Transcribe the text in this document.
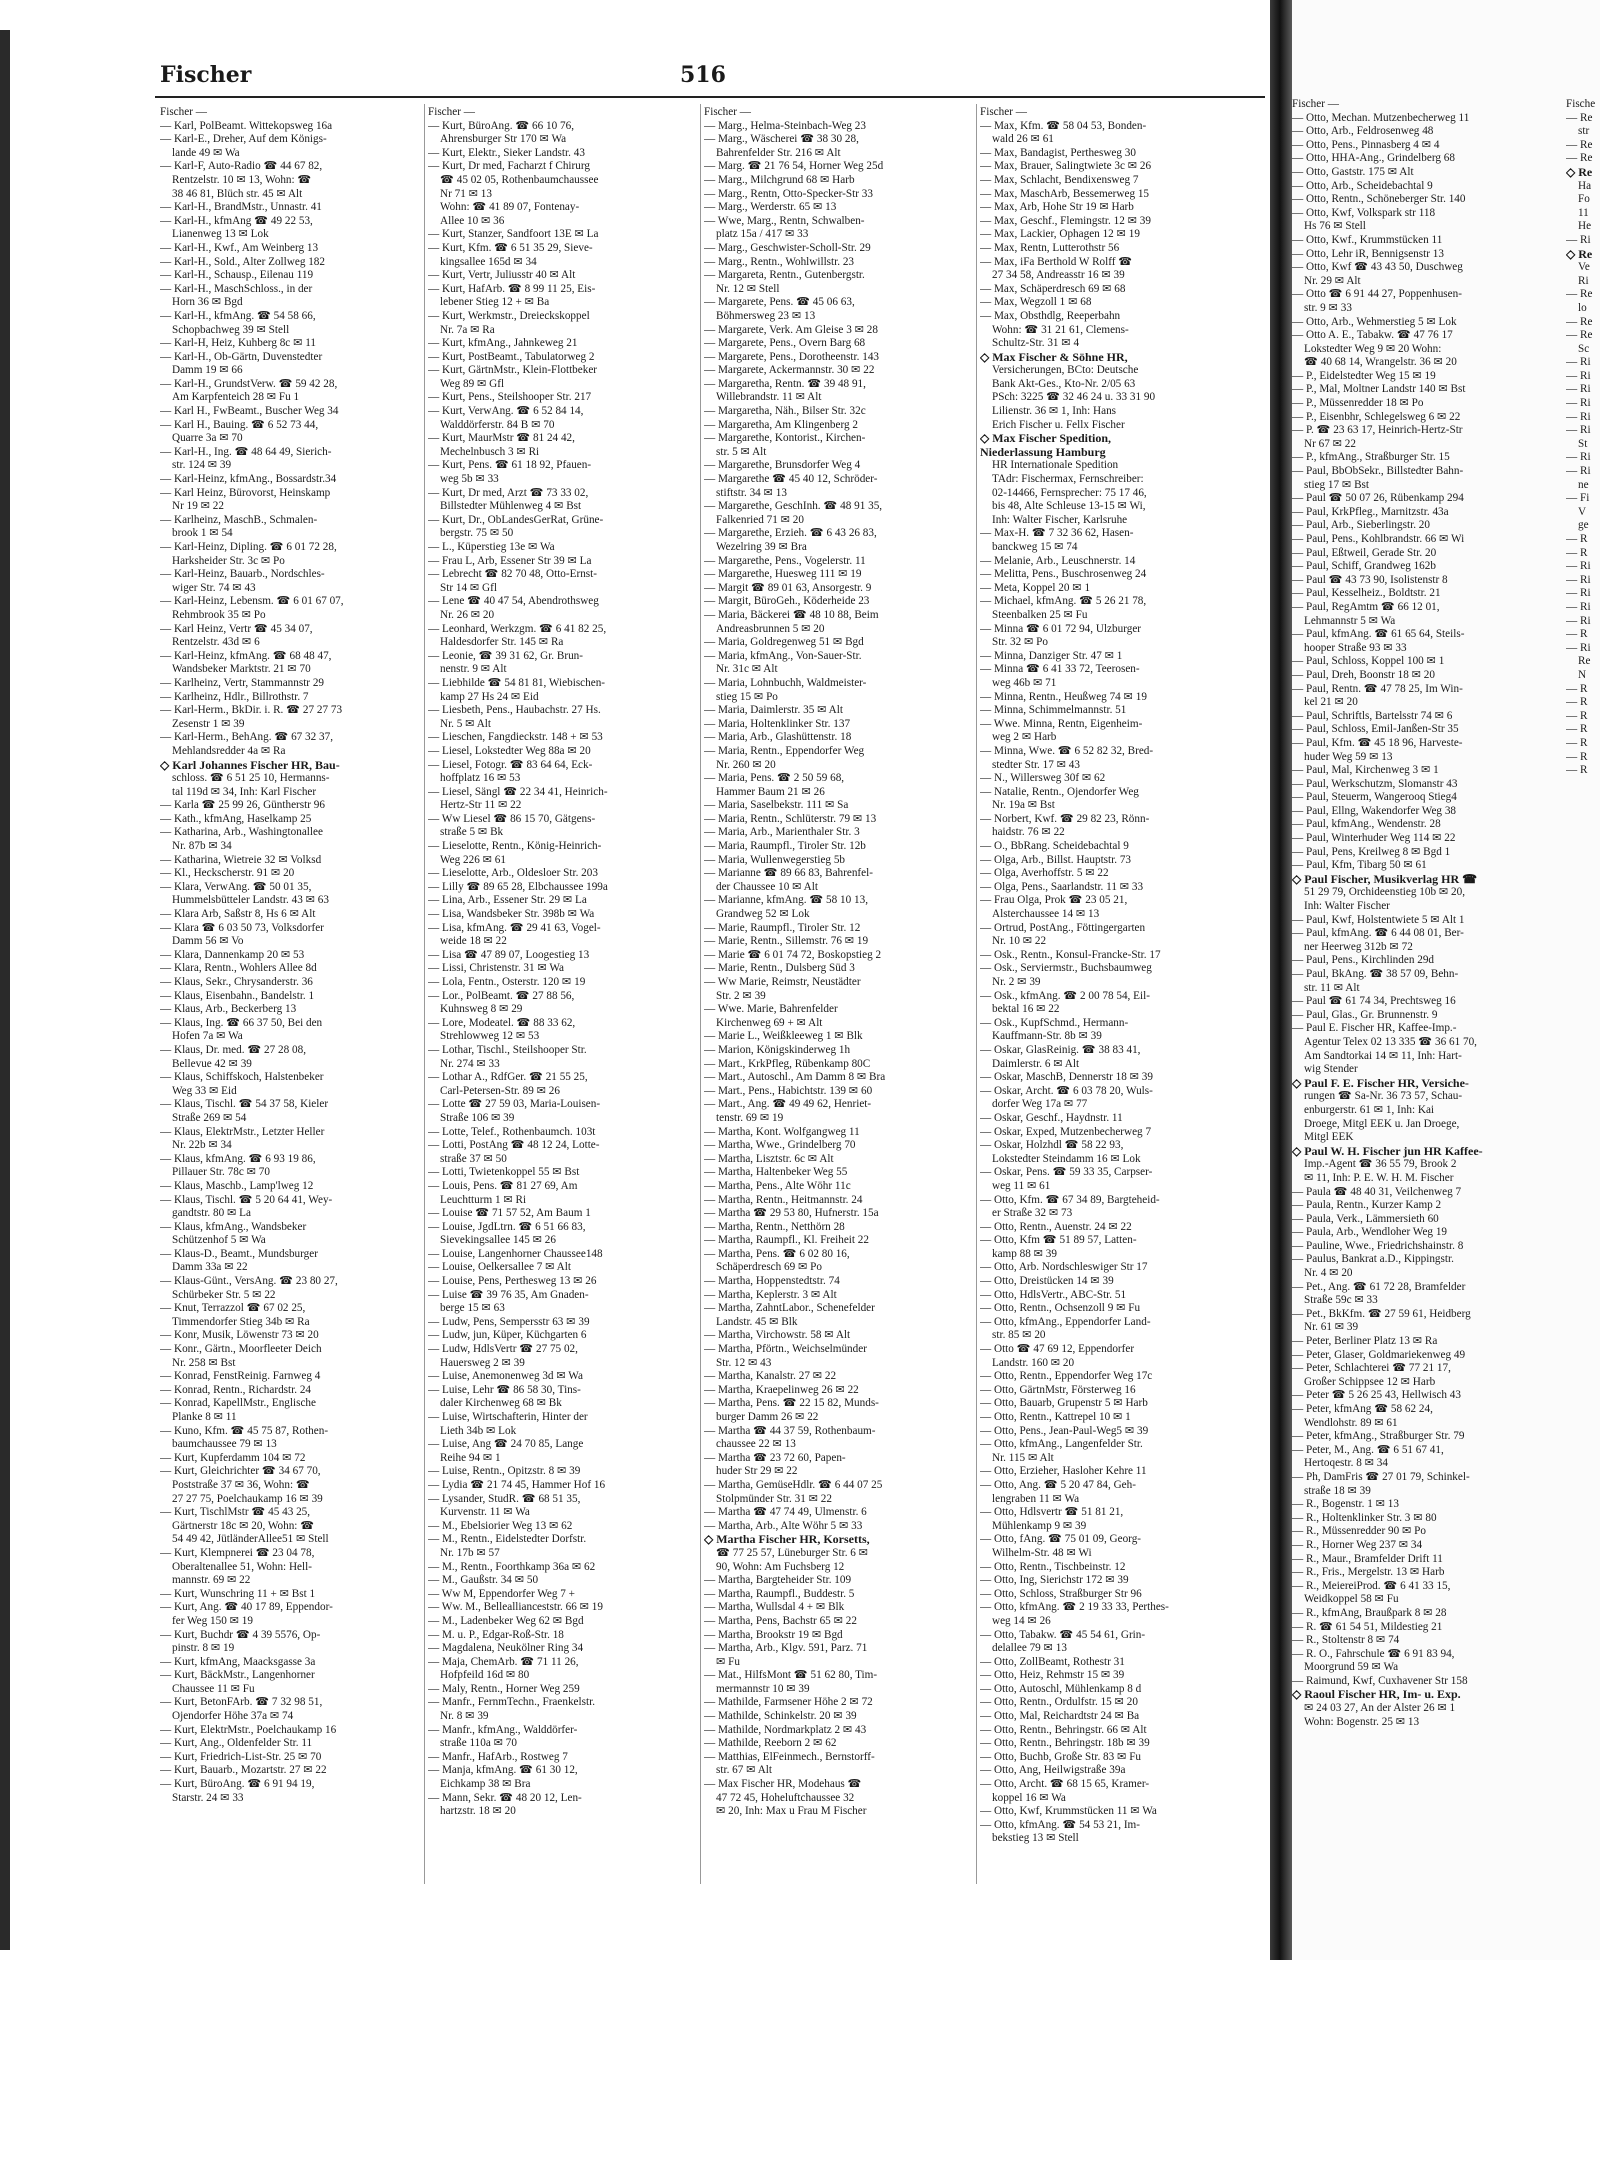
Fischer	516
Fischer —
— Karl, PolBeamt. Wittekopsweg 16a
— Karl-E., Dreher, Auf dem Königs-
lande 49 ✉ Wa
— Karl-F, Auto-Radio ☎ 44 67 82,
Rentzelstr. 10 ✉ 13, Wohn: ☎
38 46 81, Blüch str. 45 ✉ Alt
— Karl-H., BrandMstr., Unnastr. 41
— Karl-H., kfmAng ☎ 49 22 53,
Lianenweg 13 ✉ Lok
— Karl-H., Kwf., Am Weinberg 13
— Karl-H., Sold., Alter Zollweg 182
— Karl-H., Schausp., Eilenau 119
— Karl-H., MaschSchloss., in der
Horn 36 ✉ Bgd
— Karl-H., kfmAng. ☎ 54 58 66,
Schopbachweg 39 ✉ Stell
— Karl-H, Heiz, Kuhberg 8c ✉ 11
— Karl-H., Ob-Gärtn, Duvenstedter
Damm 19 ✉ 66
— Karl-H., GrundstVerw. ☎ 59 42 28,
Am Karpfenteich 28 ✉ Fu 1
— Karl H., FwBeamt., Buscher Weg 34
— Karl H., Bauing. ☎ 6 52 73 44,
Quarre 3a ✉ 70
— Karl-H., Ing. ☎ 48 64 49, Sierich-
str. 124 ✉ 39
— Karl-Heinz, kfmAng., Bossardstr.34
— Karl Heinz, Bürovorst, Heinskamp
Nr 19 ✉ 22
— Karlheinz, MaschB., Schmalen-
brook 1 ✉ 54
— Karl-Heinz, Dipling. ☎ 6 01 72 28,
Harksheider Str. 3c ✉ Po
— Karl-Heinz, Bauarb., Nordschles-
wiger Str. 74 ✉ 43
— Karl-Heinz, Lebensm. ☎ 6 01 67 07,
Rehmbrook 35 ✉ Po
— Karl Heinz, Vertr ☎ 45 34 07,
Rentzelstr. 43d ✉ 6
— Karl-Heinz, kfmAng. ☎ 68 48 47,
Wandsbeker Marktstr. 21 ✉ 70
— Karlheinz, Vertr, Stammannstr 29
— Karlheinz, Hdlr., Billrothstr. 7
— Karl-Herm., BkDir. i. R. ☎ 27 27 73
Zesenstr 1 ✉ 39
— Karl-Herm., BehAng. ☎ 67 32 37,
Mehlandsredder 4a ✉ Ra
◇ Karl Johannes Fischer HR, Bau-
schloss. ☎ 6 51 25 10, Hermanns-
tal 119d ✉ 34, Inh: Karl Fischer
— Karla ☎ 25 99 26, Güntherstr 96
— Kath., kfmAng, Haselkamp 25
— Katharina, Arb., Washingtonallee
Nr. 87b ✉ 34
— Katharina, Wietreie 32 ✉ Volksd
— Kl., Heckscherstr. 91 ✉ 20
— Klara, VerwAng. ☎ 50 01 35,
Hummelsbütteler Landstr. 43 ✉ 63
— Klara Arb, Saßstr 8, Hs 6 ✉ Alt
— Klara ☎ 6 03 50 73, Volksdorfer
Damm 56 ✉ Vo
— Klara, Dannenkamp 20 ✉ 53
— Klara, Rentn., Wohlers Allee 8d
— Klaus, Sekr., Chrysanderstr. 36
— Klaus, Eisenbahn., Bandelstr. 1
— Klaus, Arb., Beckerberg 13
— Klaus, Ing. ☎ 66 37 50, Bei den
Hofen 7a ✉ Wa
— Klaus, Dr. med. ☎ 27 28 08,
Bellevue 42 ✉ 39
— Klaus, Schiffskoch, Halstenbeker
Weg 33 ✉ Eid
— Klaus, Tischl. ☎ 54 37 58, Kieler
Straße 269 ✉ 54
— Klaus, ElektrMstr., Letzter Heller
Nr. 22b ✉ 34
— Klaus, kfmAng. ☎ 6 93 19 86,
Pillauer Str. 78c ✉ 70
— Klaus, Maschb., Lamp'lweg 12
— Klaus, Tischl. ☎ 5 20 64 41, Wey-
gandtstr. 80 ✉ La
— Klaus, kfmAng., Wandsbeker
Schützenhof 5 ✉ Wa
— Klaus-D., Beamt., Mundsburger
Damm 33a ✉ 22
— Klaus-Günt., VersAng. ☎ 23 80 27,
Schürbeker Str. 5 ✉ 22
— Knut, Terrazzol ☎ 67 02 25,
Timmendorfer Stieg 34b ✉ Ra
— Konr, Musik, Löwenstr 73 ✉ 20
— Konr., Gärtn., Moorfleeter Deich
Nr. 258 ✉ Bst
— Konrad, FenstReinig. Farnweg 4
— Konrad, Rentn., Richardstr. 24
— Konrad, KapellMstr., Englische
Planke 8 ✉ 11
— Kuno, Kfm. ☎ 45 75 87, Rothen-
baumchaussee 79 ✉ 13
— Kurt, Kupferdamm 104 ✉ 72
— Kurt, Gleichrichter ☎ 34 67 70,
Poststraße 37 ✉ 36, Wohn: ☎
27 27 75, Poelchaukamp 16 ✉ 39
— Kurt, TischlMstr ☎ 45 43 25,
Gärtnerstr 18c ✉ 20, Wohn: ☎
54 49 42, JütländerAllee51 ✉ Stell
— Kurt, Klempnerei ☎ 23 04 78,
Oberaltenallee 51, Wohn: Hell-
mannstr. 69 ✉ 22
— Kurt, Wunschring 11 + ✉ Bst 1
— Kurt, Ang. ☎ 40 17 89, Eppendor-
fer Weg 150 ✉ 19
— Kurt, Buchdr ☎ 4 39 5576, Op-
pinstr. 8 ✉ 19
— Kurt, kfmAng, Maacksgasse 3a
— Kurt, BäckMstr., Langenhorner
Chaussee 11 ✉ Fu
— Kurt, BetonFArb. ☎ 7 32 98 51,
Ojendorfer Höhe 37a ✉ 74
— Kurt, ElektrMstr., Poelchaukamp 16
— Kurt, Ang., Oldenfelder Str. 11
— Kurt, Friedrich-List-Str. 25 ✉ 70
— Kurt, Bauarb., Mozartstr. 27 ✉ 22
— Kurt, BüroAng. ☎ 6 91 94 19,
Starstr. 24 ✉ 33
Fischer —
— Kurt, BüroAng. ☎ 66 10 76,
Ahrensburger Str 170 ✉ Wa
— Kurt, Elektr., Sieker Landstr. 43
— Kurt, Dr med, Facharzt f Chirurg
☎ 45 02 05, Rothenbaumchaussee
Nr 71 ✉ 13
Wohn: ☎ 41 89 07, Fontenay-
Allee 10 ✉ 36
— Kurt, Stanzer, Sandfoort 13E ✉ La
— Kurt, Kfm. ☎ 6 51 35 29, Sieve-
kingsallee 165d ✉ 34
— Kurt, Vertr, Juliusstr 40 ✉ Alt
— Kurt, HafArb. ☎ 8 99 11 25, Eis-
lebener Stieg 12 + ✉ Ba
— Kurt, Werkmstr., Dreieckskoppel
Nr. 7a ✉ Ra
— Kurt, kfmAng., Jahnkeweg 21
— Kurt, PostBeamt., Tabulatorweg 2
— Kurt, GärtnMstr., Klein-Flottbeker
Weg 89 ✉ Gfl
— Kurt, Pens., Steilshooper Str. 217
— Kurt, VerwAng. ☎ 6 52 84 14,
Walddörferstr. 84 B ✉ 70
— Kurt, MaurMstr ☎ 81 24 42,
Mechelnbusch 3 ✉ Ri
— Kurt, Pens. ☎ 61 18 92, Pfauen-
weg 5b ✉ 33
— Kurt, Dr med, Arzt ☎ 73 33 02,
Billstedter Mühlenweg 4 ✉ Bst
— Kurt, Dr., ObLandesGerRat, Grüne-
bergstr. 75 ✉ 50
— L., Küperstieg 13e ✉ Wa
— Frau L, Arb, Essener Str 39 ✉ La
— Lebrecht ☎ 82 70 48, Otto-Ernst-
Str 14 ✉ Gfl
— Lene ☎ 40 47 54, Abendrothsweg
Nr. 26 ✉ 20
— Leonhard, Werkzgm. ☎ 6 41 82 25,
Haldesdorfer Str. 145 ✉ Ra
— Leonie, ☎ 39 31 62, Gr. Brun-
nenstr. 9 ✉ Alt
— Liebhilde ☎ 54 81 81, Wiebischen-
kamp 27 Hs 24 ✉ Eid
— Liesbeth, Pens., Haubachstr. 27 Hs.
Nr. 5 ✉ Alt
— Lieschen, Fangdieckstr. 148 + ✉ 53
— Liesel, Lokstedter Weg 88a ✉ 20
— Liesel, Fotogr. ☎ 83 64 64, Eck-
hoffplatz 16 ✉ 53
— Liesel, Sängl ☎ 22 34 41, Heinrich-
Hertz-Str 11 ✉ 22
— Ww Liesel ☎ 86 15 70, Gätgens-
straße 5 ✉ Bk
— Lieselotte, Rentn., König-Heinrich-
Weg 226 ✉ 61
— Lieselotte, Arb., Oldesloer Str. 203
— Lilly ☎ 89 65 28, Elbchaussee 199a
— Lina, Arb., Essener Str. 29 ✉ La
— Lisa, Wandsbeker Str. 398b ✉ Wa
— Lisa, kfmAng. ☎ 29 41 63, Vogel-
weide 18 ✉ 22
— Lisa ☎ 47 89 07, Loogestieg 13
— Lissi, Christenstr. 31 ✉ Wa
— Lola, Fentn., Osterstr. 120 ✉ 19
— Lor., PolBeamt. ☎ 27 88 56,
Kuhnsweg 8 ✉ 29
— Lore, Modeatel. ☎ 88 33 62,
Strehlowweg 12 ✉ 53
— Lothar, Tischl., Steilshooper Str.
Nr. 274 ✉ 33
— Lothar A., RdfGer. ☎ 21 55 25,
Carl-Petersen-Str. 89 ✉ 26
— Lotte ☎ 27 59 03, Maria-Louisen-
Straße 106 ✉ 39
— Lotte, Telef., Rothenbaumch. 103t
— Lotti, PostAng ☎ 48 12 24, Lotte-
straße 37 ✉ 50
— Lotti, Twietenkoppel 55 ✉ Bst
— Louis, Pens. ☎ 81 27 69, Am
Leuchtturm 1 ✉ Ri
— Louise ☎ 71 57 52, Am Baum 1
— Louise, JgdLtrn. ☎ 6 51 66 83,
Sievekingsallee 145 ✉ 26
— Louise, Langenhorner Chaussee148
— Louise, Oelkersallee 7 ✉ Alt
— Louise, Pens, Perthesweg 13 ✉ 26
— Luise ☎ 39 76 35, Am Gnaden-
berge 15 ✉ 63
— Ludw, Pens, Sempersstr 63 ✉ 39
— Ludw, jun, Küper, Küchgarten 6
— Ludw, HdlsVertr ☎ 27 75 02,
Hauersweg 2 ✉ 39
— Luise, Anemonenweg 3d ✉ Wa
— Luise, Lehr ☎ 86 58 30, Tins-
daler Kirchenweg 68 ✉ Bk
— Luise, Wirtschafterin, Hinter der
Lieth 34b ✉ Lok
— Luise, Ang ☎ 24 70 85, Lange
Reihe 94 ✉ 1
— Luise, Rentn., Opitzstr. 8 ✉ 39
— Lydia ☎ 21 74 45, Hammer Hof 16
— Lysander, StudR. ☎ 68 51 35,
Kurvenstr. 11 ✉ Wa
— M., Ebelsiorier Weg 13 ✉ 62
— M., Rentn., Eidelstedter Dorfstr.
Nr. 17b ✉ 57
— M., Rentn., Foorthkamp 36a ✉ 62
— M., Gaußstr. 34 ✉ 50
— Ww M, Eppendorfer Weg 7 +
— Ww. M., Belleallianceststr. 66 ✉ 19
— M., Ladenbeker Weg 62 ✉ Bgd
— M. u. P., Edgar-Roß-Str. 18
— Magdalena, Neukölner Ring 34
— Maja, ChemArb. ☎ 71 11 26,
Hofpfeild 16d ✉ 80
— Maly, Rentn., Horner Weg 259
— Manfr., FernmTechn., Fraenkelstr.
Nr. 8 ✉ 39
— Manfr., kfmAng., Walddörfer-
straße 110a ✉ 70
— Manfr., HafArb., Rostweg 7
— Manja, kfmAng. ☎ 61 30 12,
Eichkamp 38 ✉ Bra
— Mann, Sekr. ☎ 48 20 12, Len-
hartzstr. 18 ✉ 20
Fischer —
— Marg., Helma-Steinbach-Weg 23
— Marg., Wäscherei ☎ 38 30 28,
Bahrenfelder Str. 216 ✉ Alt
— Marg. ☎ 21 76 54, Horner Weg 25d
— Marg., Milchgrund 68 ✉ Harb
— Marg., Rentn, Otto-Specker-Str 33
— Marg., Werderstr. 65 ✉ 13
— Wwe, Marg., Rentn, Schwalben-
platz 15a / 417 ✉ 33
— Marg., Geschwister-Scholl-Str. 29
— Marg., Rentn., Wohlwillstr. 23
— Margareta, Rentn., Gutenbergstr.
Nr. 12 ✉ Stell
— Margarete, Pens. ☎ 45 06 63,
Böhmersweg 23 ✉ 13
— Margarete, Verk. Am Gleise 3 ✉ 28
— Margarete, Pens., Overn Barg 68
— Margarete, Pens., Dorotheenstr. 143
— Margarete, Ackermannstr. 30 ✉ 22
— Margaretha, Rentn. ☎ 39 48 91,
Willebrandstr. 11 ✉ Alt
— Margaretha, Näh., Bilser Str. 32c
— Margaretha, Am Klingenberg 2
— Margarethe, Kontorist., Kirchen-
str. 5 ✉ Alt
— Margarethe, Brunsdorfer Weg 4
— Margarethe ☎ 45 40 12, Schröder-
stiftstr. 34 ✉ 13
— Margarethe, GeschInh. ☎ 48 91 35,
Falkenried 71 ✉ 20
— Margarethe, Erzieh. ☎ 6 43 26 83,
Wezelring 39 ✉ Bra
— Margarethe, Pens., Vogelerstr. 11
— Margarethe, Huesweg 111 ✉ 19
— Margit ☎ 89 01 63, Ansorgestr. 9
— Margit, BüroGeh., Köderheide 23
— Maria, Bäckerei ☎ 48 10 88, Beim
Andreasbrunnen 5 ✉ 20
— Maria, Goldregenweg 51 ✉ Bgd
— Maria, kfmAng., Von-Sauer-Str.
Nr. 31c ✉ Alt
— Maria, Lohnbuchh, Waldmeister-
stieg 15 ✉ Po
— Maria, Daimlerstr. 35 ✉ Alt
— Maria, Holtenklinker Str. 137
— Maria, Arb., Glashüttenstr. 18
— Maria, Rentn., Eppendorfer Weg
Nr. 260 ✉ 20
— Maria, Pens. ☎ 2 50 59 68,
Hammer Baum 21 ✉ 26
— Maria, Saselbekstr. 111 ✉ Sa
— Maria, Rentn., Schlüterstr. 79 ✉ 13
— Maria, Arb., Marienthaler Str. 3
— Maria, Raumpfl., Tiroler Str. 12b
— Maria, Wullenwegerstieg 5b
— Marianne ☎ 89 66 83, Bahrenfel-
der Chaussee 10 ✉ Alt
— Marianne, kfmAng. ☎ 58 10 13,
Grandweg 52 ✉ Lok
— Marie, Raumpfl., Tiroler Str. 12
— Marie, Rentn., Sillemstr. 76 ✉ 19
— Marie ☎ 6 01 74 72, Boskopstieg 2
— Marie, Rentn., Dulsberg Süd 3
— Ww Marie, Reimstr, Neustädter
Str. 2 ✉ 39
— Wwe. Marie, Bahrenfelder
Kirchenweg 69 + ✉ Alt
— Marie L., Weißkleeweg 1 ✉ Blk
— Marion, Königskinderweg 1h
— Mart., KrkPfleg, Rübenkamp 80C
— Mart., Autoschl., Am Damm 8 ✉ Bra
— Mart., Pens., Habichtstr. 139 ✉ 60
— Mart., Ang. ☎ 49 49 62, Henriet-
tenstr. 69 ✉ 19
— Martha, Kont. Wolfgangweg 11
— Martha, Wwe., Grindelberg 70
— Martha, Lisztstr. 6c ✉ Alt
— Martha, Haltenbeker Weg 55
— Martha, Pens., Alte Wöhr 11c
— Martha, Rentn., Heitmannstr. 24
— Martha ☎ 29 53 80, Hufnerstr. 15a
— Martha, Rentn., Netthörn 28
— Martha, Raumpfl., Kl. Freiheit 22
— Martha, Pens. ☎ 6 02 80 16,
Schäperdresch 69 ✉ Po
— Martha, Hoppenstedtstr. 74
— Martha, Keplerstr. 3 ✉ Alt
— Martha, ZahntLabor., Schenefelder
Landstr. 45 ✉ Blk
— Martha, Virchowstr. 58 ✉ Alt
— Martha, Pförtn., Weichselmünder
Str. 12 ✉ 43
— Martha, Kanalstr. 27 ✉ 22
— Martha, Kraepelinweg 26 ✉ 22
— Martha, Pens. ☎ 22 15 82, Munds-
burger Damm 26 ✉ 22
— Martha ☎ 44 37 59, Rothenbaum-
chaussee 22 ✉ 13
— Martha ☎ 23 72 60, Papen-
huder Str 29 ✉ 22
— Martha, GemüseHdlr. ☎ 6 44 07 25
Stolpmünder Str. 31 ✉ 22
— Martha ☎ 47 74 49, Ulmenstr. 6
— Martha, Arb., Alte Wöhr 5 ✉ 33
◇ Martha Fischer HR, Korsetts,
☎ 77 25 57, Lüneburger Str. 6 ✉
90, Wohn: Am Fuchsberg 12
— Martha, Bargteheider Str. 109
— Martha, Raumpfl., Buddestr. 5
— Martha, Wullsdal 4 + ✉ Blk
— Martha, Pens, Bachstr 65 ✉ 22
— Martha, Brookstr 19 ✉ Bgd
— Martha, Arb., Klgv. 591, Parz. 71
✉ Fu
— Mat., HilfsMont ☎ 51 62 80, Tim-
mermannstr 10 ✉ 39
— Mathilde, Farmsener Höhe 2 ✉ 72
— Mathilde, Schinkelstr. 20 ✉ 39
— Mathilde, Nordmarkplatz 2 ✉ 43
— Mathilde, Reeborn 2 ✉ 62
— Matthias, ElFeinmech., Bernstorff-
str. 67 ✉ Alt
— Max Fischer HR, Modehaus ☎
47 72 45, Hoheluftchaussee 32
✉ 20, Inh: Max u Frau M Fischer
Fischer —
— Max, Kfm. ☎ 58 04 53, Bonden-
wald 26 ✉ 61
— Max, Bandagist, Perthesweg 30
— Max, Brauer, Salingtwiete 3c ✉ 26
— Max, Schlacht, Bendixensweg 7
— Max, MaschArb, Bessemerweg 15
— Max, Arb, Hohe Str 19 ✉ Harb
— Max, Geschf., Flemingstr. 12 ✉ 39
— Max, Lackier, Ophagen 12 ✉ 19
— Max, Rentn, Lutterothstr 56
— Max, iFa Berthold W Rolff ☎
27 34 58, Andreasstr 16 ✉ 39
— Max, Schäperdresch 69 ✉ 68
— Max, Wegzoll 1 ✉ 68
— Max, Obsthdlg, Reeperbahn
Wohn: ☎ 31 21 61, Clemens-
Schultz-Str. 31 ✉ 4
◇ Max Fischer & Söhne HR,
Versicherungen, BCto: Deutsche
Bank Akt-Ges., Kto-Nr. 2/05 63
PSch: 3225 ☎ 32 46 24 u. 33 31 90
Lilienstr. 36 ✉ 1, Inh: Hans
Erich Fischer u. Fellx Fischer
◇ Max Fischer Spedition,
Niederlassung Hamburg
HR Internationale Spedition
TAdr: Fischermax, Fernschreiber:
02-14466, Fernsprecher: 75 17 46,
bis 48, Alte Schleuse 13-15 ✉ Wi,
Inh: Walter Fischer, Karlsruhe
— Max-H. ☎ 7 32 36 62, Hasen-
banckweg 15 ✉ 74
— Melanie, Arb., Leuschnerstr. 14
— Melitta, Pens., Buschrosenweg 24
— Meta, Koppel 20 ✉ 1
— Michael, kfmAng. ☎ 5 26 21 78,
Steenbalken 25 ✉ Fu
— Minna ☎ 6 01 72 94, Ulzburger
Str. 32 ✉ Po
— Minna, Danziger Str. 47 ✉ 1
— Minna ☎ 6 41 33 72, Teerosen-
weg 46b ✉ 71
— Minna, Rentn., Heußweg 74 ✉ 19
— Minna, Schimmelmannstr. 51
— Wwe. Minna, Rentn, Eigenheim-
weg 2 ✉ Harb
— Minna, Wwe. ☎ 6 52 82 32, Bred-
stedter Str. 17 ✉ 43
— N., Willersweg 30f ✉ 62
— Natalie, Rentn., Ojendorfer Weg
Nr. 19a ✉ Bst
— Norbert, Kwf. ☎ 29 82 23, Rönn-
haidstr. 76 ✉ 22
— O., BbRang. Scheidebachtal 9
— Olga, Arb., Billst. Hauptstr. 73
— Olga, Averhoffstr. 5 ✉ 22
— Olga, Pens., Saarlandstr. 11 ✉ 33
— Frau Olga, Prok ☎ 23 05 21,
Alsterchaussee 14 ✉ 13
— Ortrud, PostAng., Föttingergarten
Nr. 10 ✉ 22
— Osk., Rentn., Konsul-Francke-Str. 17
— Osk., Serviermstr., Buchsbaumweg
Nr. 2 ✉ 39
— Osk., kfmAng. ☎ 2 00 78 54, Eil-
bektal 16 ✉ 22
— Osk., KupfSchmd., Hermann-
Kauffmann-Str. 8b ✉ 39
— Oskar, GlasReinig. ☎ 38 83 41,
Daimlerstr. 6 ✉ Alt
— Oskar, MaschB, Dennerstr 18 ✉ 39
— Oskar, Archt. ☎ 6 03 78 20, Wuls-
dorfer Weg 17a ✉ 77
— Oskar, Geschf., Haydnstr. 11
— Oskar, Exped, Mutzenbecherweg 7
— Oskar, Holzhdl ☎ 58 22 93,
Lokstedter Steindamm 16 ✉ Lok
— Oskar, Pens. ☎ 59 33 35, Carpser-
weg 11 ✉ 61
— Otto, Kfm. ☎ 67 34 89, Bargteheid-
er Straße 32 ✉ 73
— Otto, Rentn., Auenstr. 24 ✉ 22
— Otto, Kfm ☎ 51 89 57, Latten-
kamp 88 ✉ 39
— Otto, Arb. Nordschleswiger Str 17
— Otto, Dreistücken 14 ✉ 39
— Otto, HdlsVertr., ABC-Str. 51
— Otto, Rentn., Ochsenzoll 9 ✉ Fu
— Otto, kfmAng., Eppendorfer Land-
str. 85 ✉ 20
— Otto ☎ 47 69 12, Eppendorfer
Landstr. 160 ✉ 20
— Otto, Rentn., Eppendorfer Weg 17c
— Otto, GärtnMstr, Försterweg 16
— Otto, Bauarb, Grupenstr 5 ✉ Harb
— Otto, Rentn., Kattrepel 10 ✉ 1
— Otto, Pens., Jean-Paul-Weg5 ✉ 39
— Otto, kfmAng., Langenfelder Str.
Nr. 115 ✉ Alt
— Otto, Erzieher, Hasloher Kehre 11
— Otto, Ang. ☎ 5 20 47 84, Geh-
lengraben 11 ✉ Wa
— Otto, Hdlsvertr ☎ 51 81 21,
Mühlenkamp 9 ✉ 39
— Otto, fAng. ☎ 75 01 09, Georg-
Wilhelm-Str. 48 ✉ Wi
— Otto, Rentn., Tischbeinstr. 12
— Otto, Ing, Sierichstr 172 ✉ 39
— Otto, Schloss, Straßburger Str 96
— Otto, kfmAng. ☎ 2 19 33 33, Perthes-
weg 14 ✉ 26
— Otto, Tabakw. ☎ 45 54 61, Grin-
delallee 79 ✉ 13
— Otto, ZollBeamt, Rothestr 31
— Otto, Heiz, Rehmstr 15 ✉ 39
— Otto, Autoschl, Mühlenkamp 8 d
— Otto, Rentn., Ordulfstr. 15 ✉ 20
— Otto, Mal, Reichardtstr 24 ✉ Ba
— Otto, Rentn., Behringstr. 66 ✉ Alt
— Otto, Rentn., Behringstr. 18b ✉ 39
— Otto, Buchb, Große Str. 83 ✉ Fu
— Otto, Ang, Heilwigstraße 39a
— Otto, Archt. ☎ 68 15 65, Kramer-
koppel 16 ✉ Wa
— Otto, Kwf, Krummstücken 11 ✉ Wa
— Otto, kfmAng. ☎ 54 53 21, Im-
bekstieg 13 ✉ Stell
Fischer —
— Otto, Mechan. Mutzenbecherweg 11
— Otto, Arb., Feldrosenweg 48
— Otto, Pens., Pinnasberg 4 ✉ 4
— Otto, HHA-Ang., Grindelberg 68
— Otto, Gaststr. 175 ✉ Alt
— Otto, Arb., Scheidebachtal 9
— Otto, Rentn., Schöneberger Str. 140
— Otto, Kwf, Volkspark str 118
Hs 76 ✉ Stell
— Otto, Kwf., Krummstücken 11
— Otto, Lehr iR, Bennigsenstr 13
— Otto, Kwf ☎ 43 43 50, Duschweg
Nr. 29 ✉ Alt
— Otto ☎ 6 91 44 27, Poppenhusen-
str. 9 ✉ 33
— Otto, Arb., Wehmerstieg 5 ✉ Lok
— Otto A. E., Tabakw. ☎ 47 76 17
Lokstedter Weg 9 ✉ 20 Wohn:
☎ 40 68 14, Wrangelstr. 36 ✉ 20
— P., Eidelstedter Weg 15 ✉ 19
— P., Mal, Moltner Landstr 140 ✉ Bst
— P., Müssenredder 18 ✉ Po
— P., Eisenbhr, Schlegelsweg 6 ✉ 22
— P. ☎ 23 63 17, Heinrich-Hertz-Str
Nr 67 ✉ 22
— P., kfmAng., Straßburger Str. 15
— Paul, BbObSekr., Billstedter Bahn-
stieg 17 ✉ Bst
— Paul ☎ 50 07 26, Rübenkamp 294
— Paul, KrkPfleg., Marnitzstr. 43a
— Paul, Arb., Sieberlingstr. 20
— Paul, Pens., Kohlbrandstr. 66 ✉ Wi
— Paul, Eßtweil, Gerade Str. 20
— Paul, Schiff, Grandweg 162b
— Paul ☎ 43 73 90, Isolistenstr 8
— Paul, Kesselheiz., Boldtstr. 21
— Paul, RegAmtm ☎ 66 12 01,
Lehmannstr 5 ✉ Wa
— Paul, kfmAng. ☎ 61 65 64, Steils-
hooper Straße 93 ✉ 33
— Paul, Schloss, Koppel 100 ✉ 1
— Paul, Dreh, Boonstr 18 ✉ 20
— Paul, Rentn. ☎ 47 78 25, Im Win-
kel 21 ✉ 20
— Paul, Schriftls, Bartelsstr 74 ✉ 6
— Paul, Schloss, Emil-Janßen-Str 35
— Paul, Kfm. ☎ 45 18 96, Harveste-
huder Weg 59 ✉ 13
— Paul, Mal, Kirchenweg 3 ✉ 1
— Paul, Werkschutzm, Slomanstr 43
— Paul, Steuerm, Wangerooq Stieg4
— Paul, Ellng, Wakendorfer Weg 38
— Paul, kfmAng., Wendenstr. 28
— Paul, Winterhuder Weg 114 ✉ 22
— Paul, Pens, Kreilweg 8 ✉ Bgd 1
— Paul, Kfm, Tibarg 50 ✉ 61
◇ Paul Fischer, Musikverlag HR ☎
51 29 79, Orchideenstieg 10b ✉ 20,
Inh: Walter Fischer
— Paul, Kwf, Holstentwiete 5 ✉ Alt 1
— Paul, kfmAng. ☎ 6 44 08 01, Ber-
ner Heerweg 312b ✉ 72
— Paul, Pens., Kirchlinden 29d
— Paul, BkAng. ☎ 38 57 09, Behn-
str. 11 ✉ Alt
— Paul ☎ 61 74 34, Prechtsweg 16
— Paul, Glas., Gr. Brunnenstr. 9
— Paul E. Fischer HR, Kaffee-Imp.-
Agentur Telex 02 13 335 ☎ 36 61 70,
Am Sandtorkai 14 ✉ 11, Inh: Hart-
wig Stender
◇ Paul F. E. Fischer HR, Versiche-
rungen ☎ Sa-Nr. 36 73 57, Schau-
enburgerstr. 61 ✉ 1, Inh: Kai
Droege, Mitgl EEK u. Jan Droege,
Mitgl EEK
◇ Paul W. H. Fischer jun HR Kaffee-
Imp.-Agent ☎ 36 55 79, Brook 2
✉ 11, Inh: P. E. W. H. M. Fischer
— Paula ☎ 48 40 31, Veilchenweg 7
— Paula, Rentn., Kurzer Kamp 2
— Paula, Verk., Lämmersieth 60
— Paula, Arb., Wendloher Weg 19
— Pauline, Wwe., Friedrichshainstr. 8
— Paulus, Bankrat a.D., Kippingstr.
Nr. 4 ✉ 20
— Pet., Ang. ☎ 61 72 28, Bramfelder
Straße 59c ✉ 33
— Pet., BkKfm. ☎ 27 59 61, Heidberg
Nr. 61 ✉ 39
— Peter, Berliner Platz 13 ✉ Ra
— Peter, Glaser, Goldmariekenweg 49
— Peter, Schlachterei ☎ 77 21 17,
Großer Schippsee 12 ✉ Harb
— Peter ☎ 5 26 25 43, Hellwisch 43
— Peter, kfmAng ☎ 58 62 24,
Wendlohstr. 89 ✉ 61
— Peter, kfmAng., Straßburger Str. 79
— Peter, M., Ang. ☎ 6 51 67 41,
Hertoqestr. 8 ✉ 34
— Ph, DamFris ☎ 27 01 79, Schinkel-
straße 18 ✉ 39
— R., Bogenstr. 1 ✉ 13
— R., Holtenklinker Str. 3 ✉ 80
— R., Müssenredder 90 ✉ Po
— R., Horner Weg 237 ✉ 34
— R., Maur., Bramfelder Drift 11
— R., Fris., Mergelstr. 13 ✉ Harb
— R., MeiereiProd. ☎ 6 41 33 15,
Weidkoppel 58 ✉ Fu
— R., kfmAng, Braußpark 8 ✉ 28
— R. ☎ 61 54 51, Mildestieg 21
— R., Stoltenstr 8 ✉ 74
— R. O., Fahrschule ☎ 6 91 83 94,
Moorgrund 59 ✉ Wa
— Raimund, Kwf, Cuxhavener Str 158
◇ Raoul Fischer HR, Im- u. Exp.
✉ 24 03 27, An der Alster 26 ✉ 1
Wohn: Bogenstr. 25 ✉ 13
Fische
— Re
str
— Re
— Re
◇ Re
Ha
Fo
11
He
— Ri
◇ Re
Ve
Ri
— Re
lo
— Re
— Re
Sc
— Ri
— Ri
— Ri
— Ri
— Ri
— Ri
St
— Ri
— Ri
ne
— Fi
V
ge
— R
— R
— Ri
— Ri
— Ri
— Ri
— Ri
— R
— Ri
Re
N
— R
— R
— R
— R
— R
— R
— R
